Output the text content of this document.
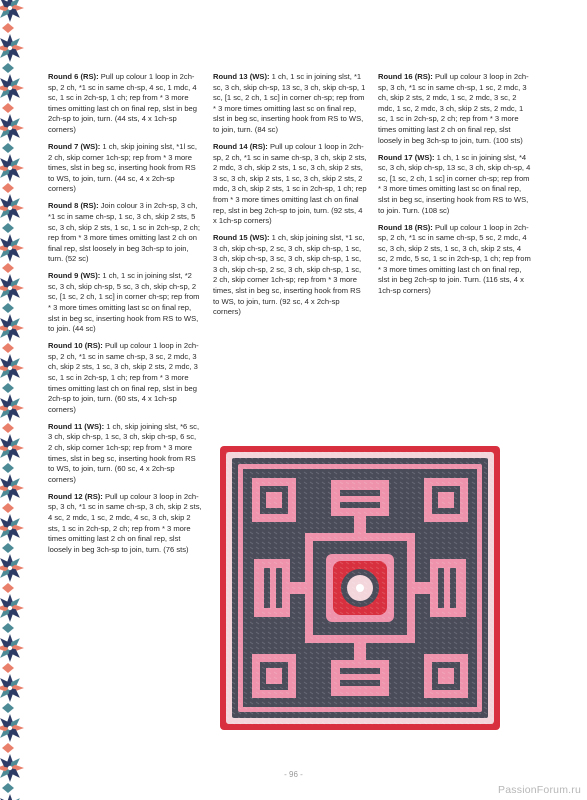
Round 6 (RS): Pull up colour 1 loop in 2ch-sp, 2 ch, *1 sc in same ch-sp, 4 sc, 1 mdc, 4 sc, 1 sc in 2ch-sp, 1 ch; rep from * 3 more times omitting last ch on final rep, slst in beg 2ch-sp to join, turn. (44 sts, 4 x 1ch-sp corners)

Round 7 (WS): 1 ch, skip joining slst, *1l sc, 2 ch, skip corner 1ch-sp; rep from * 3 more times, slst in beg sc, inserting hook from RS to WS, to join, turn. (44 sc, 4 x 2ch-sp corners)

Round 8 (RS): Join colour 3 in 2ch-sp, 3 ch, *1 sc in same ch-sp, 1 sc, 3 ch, skip 2 sts, 5 sc, 3 ch, skip 2 sts, 1 sc, 1 sc in 2ch-sp, 2 ch; rep from * 3 more times omitting last 2 ch on final rep, slst loosely in beg 3ch-sp to join, turn. (52 sc)

Round 9 (WS): 1 ch, 1 sc in joining slst, *2 sc, 3 ch, skip ch-sp, 5 sc, 3 ch, skip ch-sp, 2 sc, [1 sc, 2 ch, 1 sc] in corner ch-sp; rep from * 3 more times omitting last sc on final rep, slst in beg sc, inserting hook from RS to WS, to join. (44 sc)

Round 10 (RS): Pull up colour 1 loop in 2ch-sp, 2 ch, *1 sc in same ch-sp, 3 sc, 2 mdc, 3 ch, skip 2 sts, 1 sc, 3 ch, skip 2 sts, 2 mdc, 3 sc, 1 sc in 2ch-sp, 1 ch; rep from * 3 more times omitting last ch on final rep, slst in beg 2ch-sp to join, turn. (60 sts, 4 x 1ch-sp corners)

Round 11 (WS): 1 ch, skip joining slst, *6 sc, 3 ch, skip ch-sp, 1 sc, 3 ch, skip ch-sp, 6 sc, 2 ch, skip corner 1ch-sp; rep from * 3 more times, slst in beg sc, inserting hook from RS to WS, to join, turn. (60 sc, 4 x 2ch-sp corners)

Round 12 (RS): Pull up colour 3 loop in 2ch-sp, 3 ch, *1 sc in same ch-sp, 3 ch, skip 2 sts, 4 sc, 2 mdc, 1 sc, 2 mdc, 4 sc, 3 ch, skip 2 sts, 1 sc in 2ch-sp, 2 ch; rep from * 3 more times omitting last 2 ch on final rep, slst loosely in beg 3ch-sp to join, turn. (76 sts)

Round 13 (WS): 1 ch, 1 sc in joining slst, *1 sc, 3 ch, skip ch-sp, 13 sc, 3 ch, skip ch-sp, 1 sc, [1 sc, 2 ch, 1 sc] in corner ch-sp; rep from * 3 more times omitting last sc on final rep, slst in beg sc, inserting hook from RS to WS, to join, turn. (84 sc)

Round 14 (RS): Pull up colour 1 loop in 2ch-sp, 2 ch, *1 sc in same ch-sp, 3 ch, skip 2 sts, 2 mdc, 3 ch, skip 2 sts, 1 sc, 3 ch, skip 2 sts, 3 sc, 3 ch, skip 2 sts, 1 sc, 3 ch, skip 2 sts, 2 mdc, 3 ch, skip 2 sts, 1 sc in 2ch-sp, 1 ch; rep from * 3 more times omitting last ch on final rep, slst in beg 2ch-sp to join, turn. (92 sts, 4 x 1ch-sp corners)

Round 15 (WS): 1 ch, skip joining slst, *1 sc, 3 ch, skip ch-sp, 2 sc, 3 ch, skip ch-sp, 1 sc, 3 ch, skip ch-sp, 3 sc, 3 ch, skip ch-sp, 1 sc, 3 ch, skip ch-sp, 2 sc, 3 ch, skip ch-sp, 1 sc, 2 ch, skip corner 1ch-sp; rep from * 3 more times, slst in beg sc, inserting hook from RS to WS, to join, turn. (92 sc, 4 x 2ch-sp corners)

Round 16 (RS): Pull up colour 3 loop in 2ch-sp, 3 ch, *1 sc in same ch-sp, 1 sc, 2 mdc, 3 ch, skip 2 sts, 2 mdc, 1 sc, 2 mdc, 3 sc, 2 mdc, 1 sc, 2 mdc, 3 ch, skip 2 sts, 2 mdc, 1 sc, 1 sc in 2ch-sp, 2 ch; rep from * 3 more times omitting last 2 ch on final rep, slst loosely in beg 3ch-sp to join, turn. (100 sts)

Round 17 (WS): 1 ch, 1 sc in joining slst, *4 sc, 3 ch, skip ch-sp, 13 sc, 3 ch, skip ch-sp, 4 sc, [1 sc, 2 ch, 1 sc] in corner ch-sp; rep from * 3 more times omitting last sc on final rep, slst in beg sc, inserting hook from RS to WS, to join. Turn. (108 sc)

Round 18 (RS): Pull up colour 1 loop in 2ch-sp, 2 ch, *1 sc in same ch-sp, 5 sc, 2 mdc, 4 sc, 3 ch, skip 2 sts, 1 sc, 3 ch, skip 2 sts, 4 sc, 2 mdc, 5 sc, 1 sc in 2ch-sp, 1 ch; rep from * 3 more times omitting last ch on final rep, slst in beg 2ch-sp to join. Turn. (116 sts, 4 x 1ch-sp corners)

- 96 -
PassionForum.ru
